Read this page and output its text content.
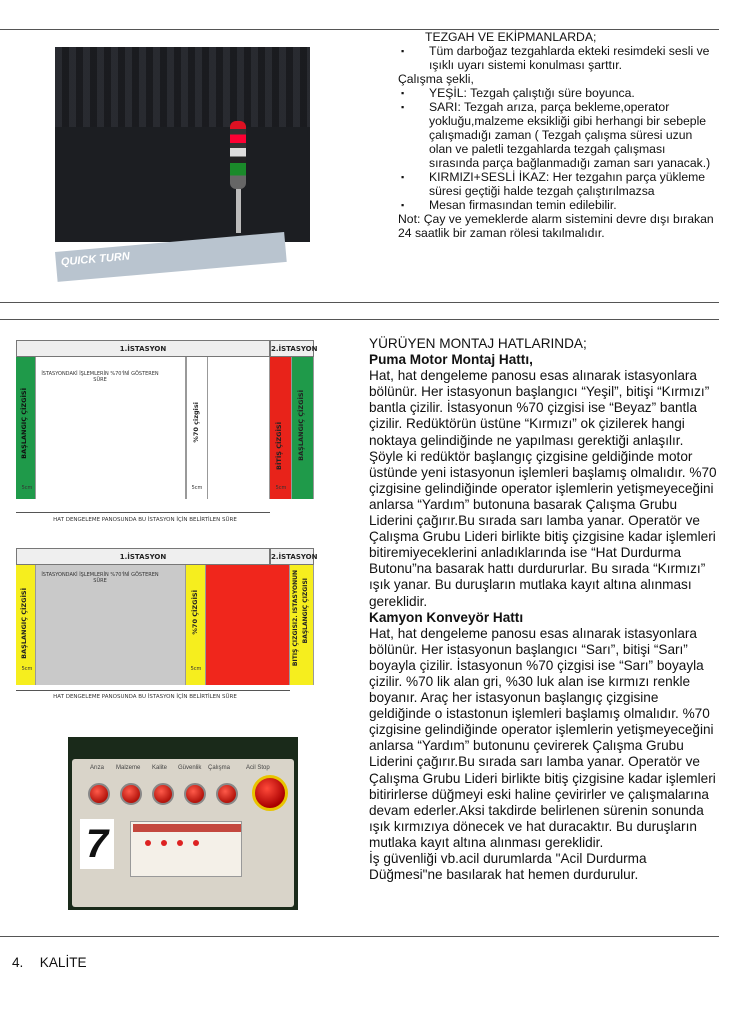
QUICK TURN
TEZGAH VE EKİPMANLARDA;
▪ Tüm darboğaz tezgahlarda ekteki resimdeki sesli ve ışıklı uyarı sistemi konulması şarttır.
Çalışma şekli,
▪ YEŞİL: Tezgah çalıştığı süre boyunca.
▪ SARI: Tezgah arıza, parça bekleme,operator yokluğu,malzeme eksikliği gibi herhangi bir sebeple çalışmadığı zaman ( Tezgah çalışma süresi uzun olan ve paletli tezgahlarda tezgah çalışması sırasında parça bağlanmadığı zaman sarı yanacak.)
▪ KIRMIZI+SESLİ İKAZ: Her tezgahın parça yükleme süresi geçtiği halde tezgah çalıştırılmazsa
▪ Mesan firmasından temin edilebilir.
Not: Çay ve yemeklerde alarm sistemini devre dışı bırakan 24 saatlik bir zaman rölesi takılmalıdır.
1.İSTASYON	2.İSTASYON
İSTASYONDAKİ İŞLEMLERİN %70'İNİ GÖSTEREN SÜRE
BAŞLANGIÇ ÇİZGİSİ	%70 çizgisi	BİTİŞ ÇİZGİSİ BAŞLANGIÇ ÇİZGİSİ
5cm	5cm	5cm
HAT DENGELEME PANOSUNDA BU İSTASYON İÇİN BELİRTİLEN SÜRE
1.İSTASYON	2.İSTASYON
İSTASYONDAKİ İŞLEMLERİN %70'İNİ GÖSTEREN SÜRE
BAŞLANGIÇ ÇİZGİSİ	%70 ÇİZGİSİ	BİTİŞ ÇİZGİSİ2. İSTASYONUN BAŞLANGIÇ ÇİZGİSİ
5cm	5cm
HAT DENGELEME PANOSUNDA BU İSTASYON İÇİN BELİRTİLEN SÜRE
Arıza Malzeme Kalite Güvenlik Çalışma	Acil Stop
7

YÜRÜYEN MONTAJ HATLARINDA;

Puma Motor Montaj Hattı,

Hat, hat dengeleme panosu esas alınarak istasyonlara bölünür. Her istasyonun başlangıcı “Yeşil”, bitişi “Kırmızı” bantla çizilir. İstasyonun %70 çizgisi ise “Beyaz” bantla çizilir. Redüktörün üstüne “Kırmızı” ok çizilerek hangi noktaya gelindiğinde ne yapılması gerektiği anlaşılır.

Şöyle ki redüktör başlangıç çizgisine geldiğinde motor üstünde yeni istasyonun işlemleri başlamış olmalıdır. %70 çizgisine gelindiğinde operator işlemlerin yetişmeyeceğini anlarsa “Yardım” butonuna basarak Çalışma Grubu Liderini çağırır.Bu sırada sarı lamba yanar. Operatör ve Çalışma Grubu Lideri birlikte bitiş çizgisine kadar işlemleri bitiremiyeceklerini anladıklarında ise “Hat Durdurma Butonu”na basarak hattı durdururlar. Bu sırada “Kırmızı” ışık yanar. Bu duruşların mutlaka kayıt altına alınması gereklidir.

Kamyon Konveyör Hattı

Hat, hat dengeleme panosu esas alınarak istasyonlara bölünür. Her istasyonun başlangıcı “Sarı”, bitişi “Sarı” boyayla çizilir. İstasyonun %70 çizgisi ise “Sarı” boyayla çizilir. %70 lik alan gri, %30 luk alan ise kırmızı renkle boyanır. Araç her istasyonun başlangıç çizgisine geldiğinde o istastonun işlemleri başlamış olmalıdır. %70 çizgisine gelindiğinde operator işlemlerin yetişmeyeceğini anlarsa “Yardım” butonunu çevirerek Çalışma Grubu Liderini çağırır.Bu sırada sarı lamba yanar. Operatör ve Çalışma Grubu Lideri birlikte bitiş çizgisine kadar işlemleri bitirirlerse düğmeyi eski haline çevirirler ve çalışmalarına devam ederler.Aksi takdirde belirlenen sürenin sonunda ışık kırmızıya dönecek ve hat duracaktır. Bu duruşların mutlaka kayıt altına alınması gereklidir.

İş güvenliği vb.acil durumlarda "Acil Durdurma Düğmesi"ne basılarak hat hemen durdurulur.

4. KALİTE
